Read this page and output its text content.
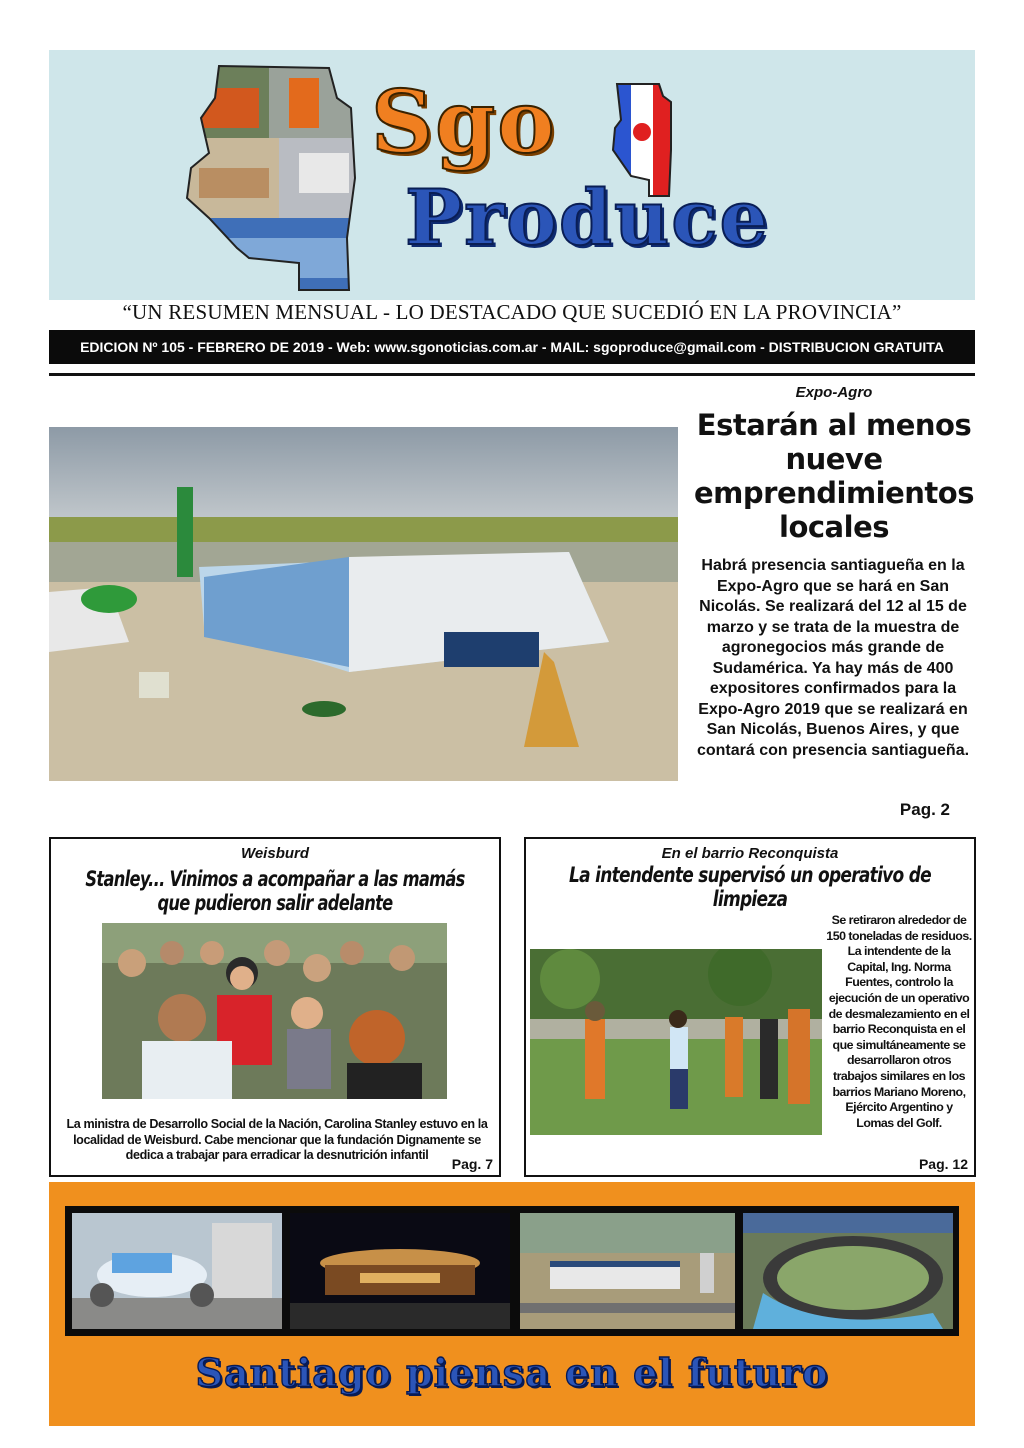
Sgo
Produce
“UN RESUMEN MENSUAL - LO DESTACADO QUE SUCEDIÓ EN LA PROVINCIA”
EDICION Nº 105 - FEBRERO DE 2019 - Web: www.sgonoticias.com.ar - MAIL: sgoproduce@gmail.com - DISTRIBUCION GRATUITA
Expo-Agro
Estarán al menos nueve emprendimientos locales
Habrá presencia santiagueña en la Expo-Agro que se hará en San Nicolás. Se realizará del 12 al 15 de marzo y se trata de la muestra de agronegocios más grande de Sudamérica. Ya hay más de 400 expositores confirmados para la Expo-Agro 2019 que se realizará en San Nicolás, Buenos Aires, y que contará con presencia santiagueña.
Pag. 2
Weisburd
Stanley... Vinimos a acompañar a las mamás que pudieron salir adelante
La ministra de Desarrollo Social de la Nación, Carolina Stanley estuvo en la localidad de Weisburd. Cabe mencionar que la fundación Dignamente se dedica a trabajar para erradicar la desnutrición infantil
Pag. 7
En el barrio Reconquista
La intendente supervisó un operativo de limpieza
Se retiraron alrededor de 150 toneladas de residuos. La intendente de la Capital, Ing. Norma Fuentes, controlo la ejecución de un operativo de desmalezamiento en el barrio Reconquista en el que simultáneamente se desarrollaron otros trabajos similares en los barrios Mariano Moreno, Ejército Argentino y Lomas del Golf.
Pag. 12
Santiago piensa en el futuro
